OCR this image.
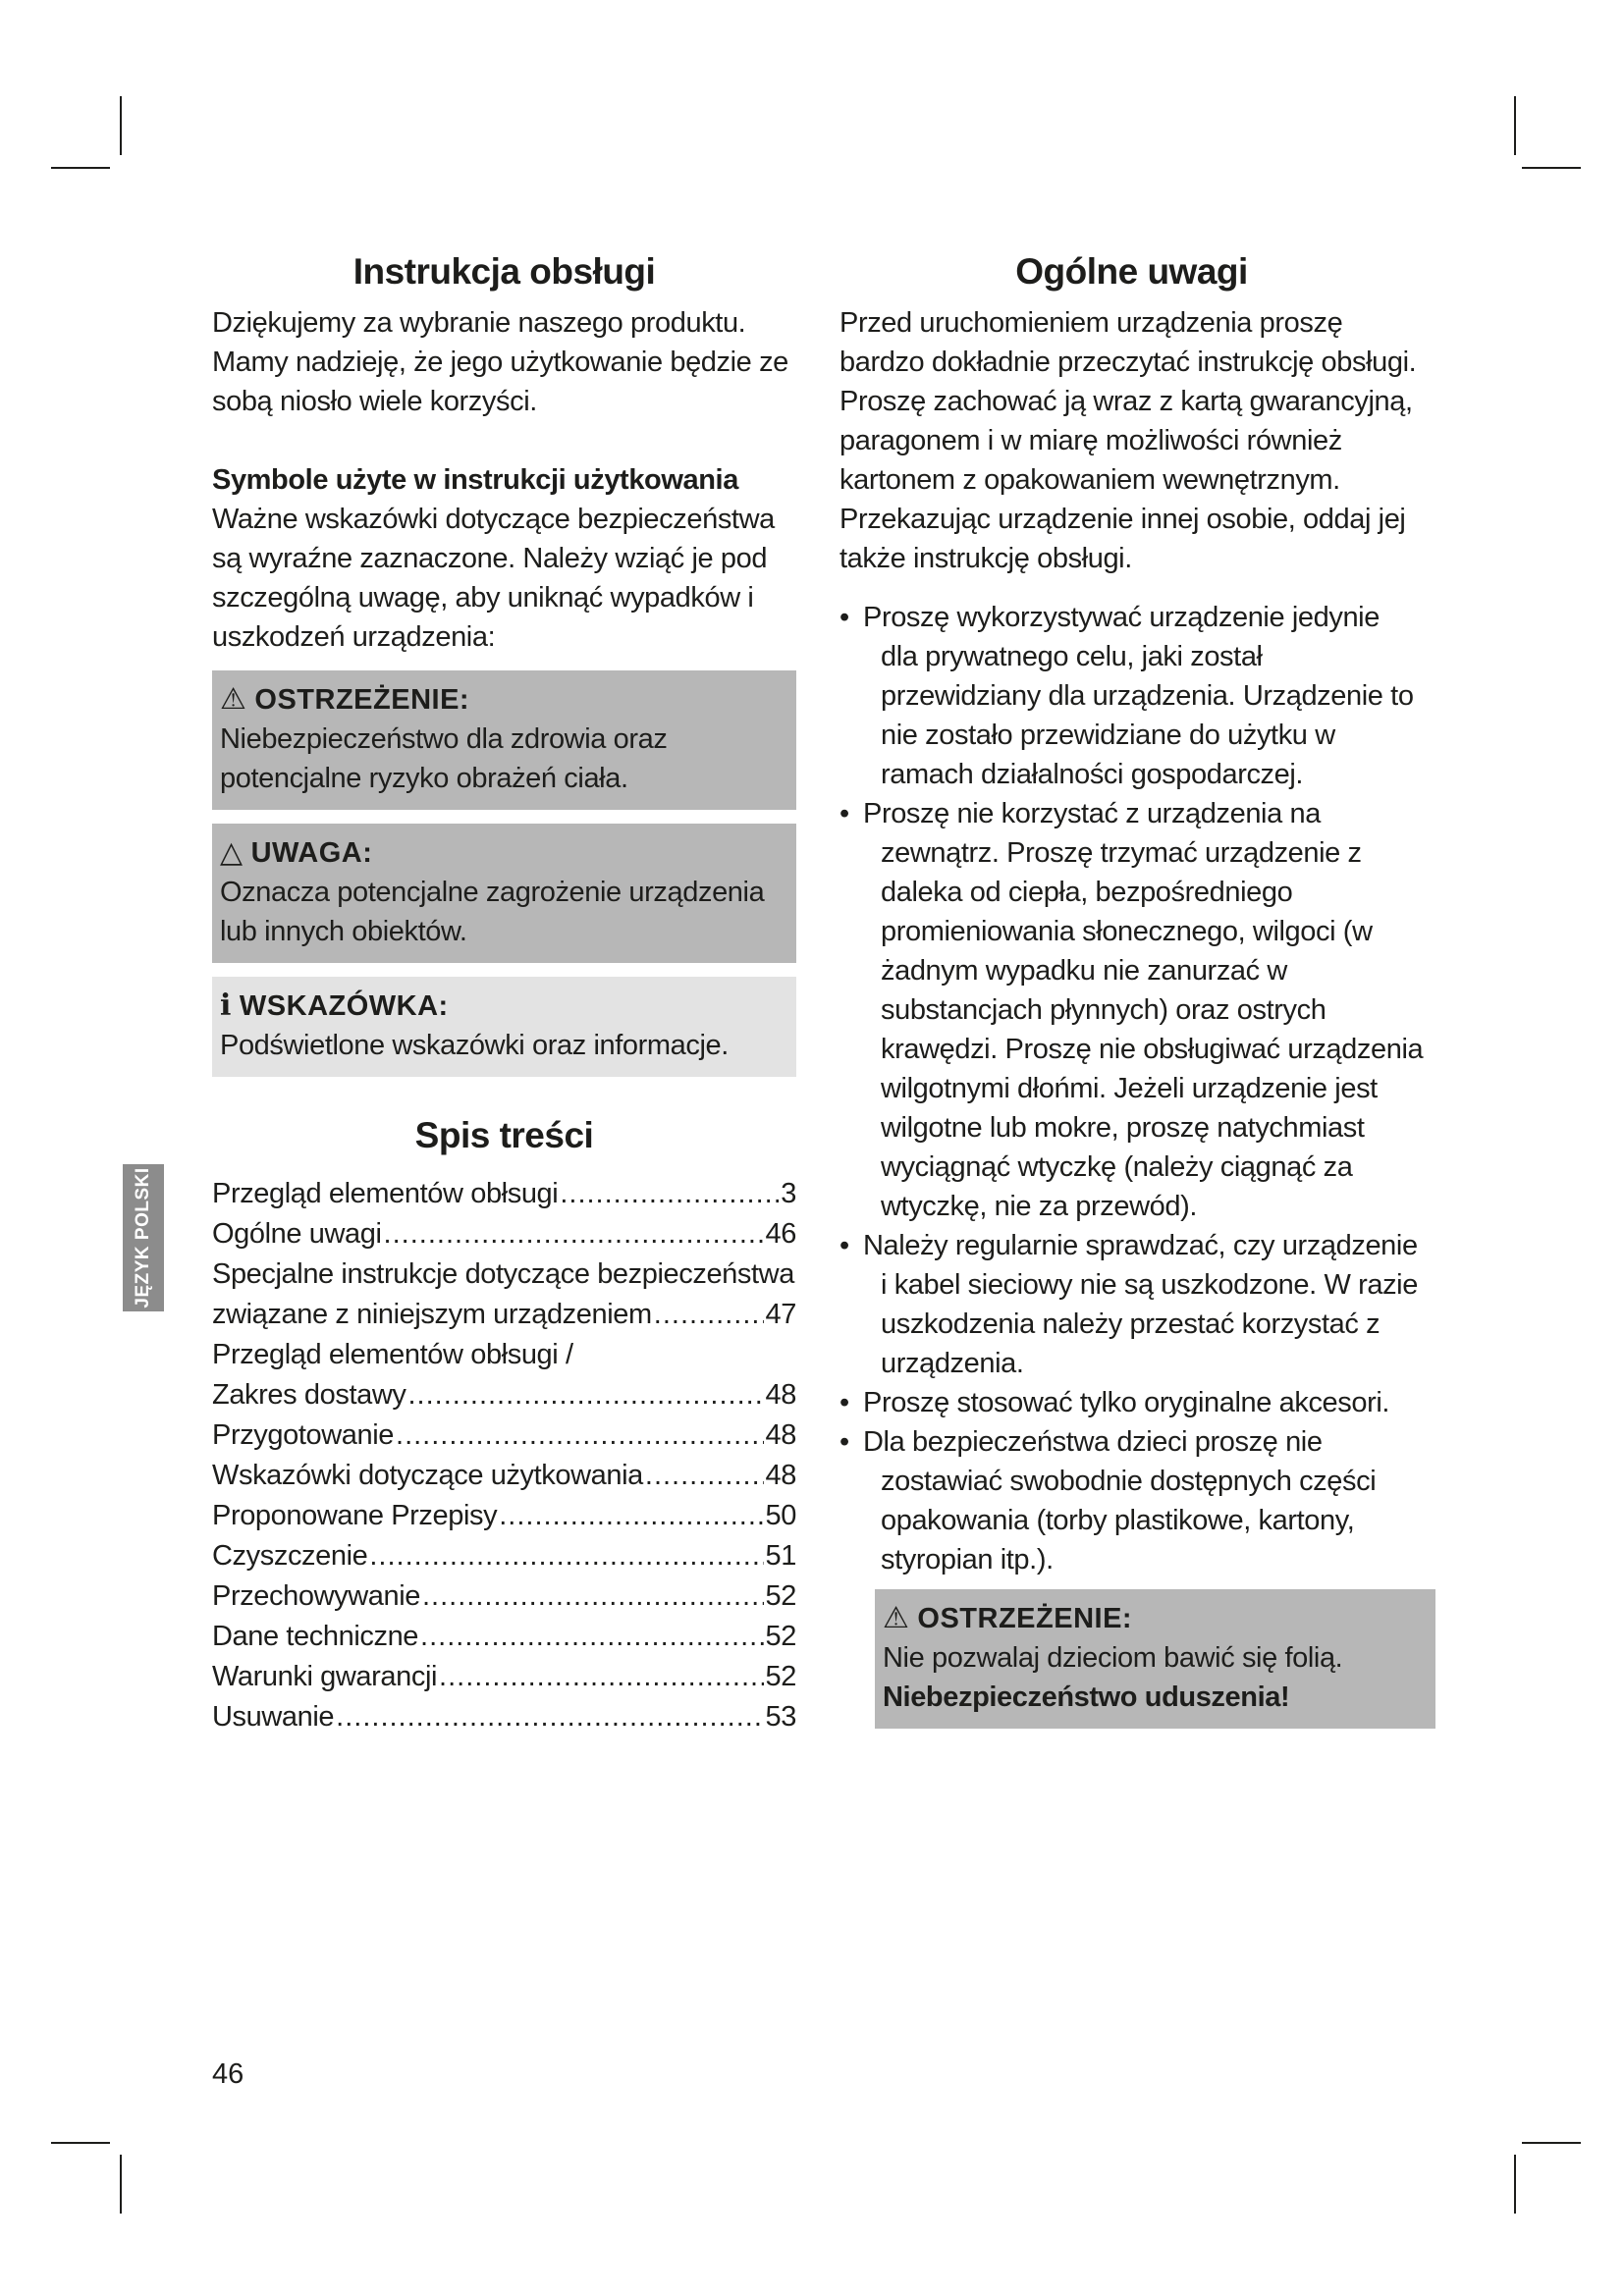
Instrukcja obsługi

Dziękujemy za wybranie naszego produktu. Mamy nadzieję, że jego użytkowanie będzie ze sobą niosło wiele korzyści.

Symbole użyte w instrukcji użytkowania

Ważne wskazówki dotyczące bezpieczeństwa są wyraźne zaznaczone. Należy wziąć je pod szczególną uwagę, aby uniknąć wypadków i uszkodzeń urządzenia:

⚠ OSTRZEŻENIE:
Niebezpieczeństwo dla zdrowia oraz potencjalne ryzyko obrażeń ciała.
△ UWAGA:
Oznacza potencjalne zagrożenie urządzenia lub innych obiektów.
i WSKAZÓWKA:
Podświetlone wskazówki oraz informacje.
Spis treści
Przegląd elementów obłsugi .....	3
Ogólne uwagi .....	46
Specjalne instrukcje dotyczące bezpieczeństwa
związane z niniejszym urządzeniem .....	47
Przegląd elementów obłsugi /
Zakres dostawy .....	48
Przygotowanie .....	48
Wskazówki dotyczące użytkowania .....	48
Proponowane Przepisy .....	50
Czyszczenie .....	51
Przechowywanie .....	52
Dane techniczne .....	52
Warunki gwarancji .....	52
Usuwanie .....	53
Ogólne uwagi

Przed uruchomieniem urządzenia proszę bardzo dokładnie przeczytać instrukcję obsługi. Proszę zachować ją wraz z kartą gwarancyjną, paragonem i w miarę możliwości również kartonem z opakowaniem wewnętrznym. Przekazując urządzenie innej osobie, oddaj jej także instrukcję obsługi.

• Proszę wykorzystywać urządzenie jedynie dla prywatnego celu, jaki został przewidziany dla urządzenia. Urządzenie to nie zostało przewidziane do użytku w ramach działalności gospodarczej.
• Proszę nie korzystać z urządzenia na zewnątrz. Proszę trzymać urządzenie z daleka od ciepła, bezpośredniego promieniowania słonecznego, wilgoci (w żadnym wypadku nie zanurzać w substancjach płynnych) oraz ostrych krawędzi. Proszę nie obsługiwać urządzenia wilgotnymi dłońmi. Jeżeli urządzenie jest wilgotne lub mokre, proszę natychmiast wyciągnąć wtyczkę (należy ciągnąć za wtyczkę, nie za przewód).
• Należy regularnie sprawdzać, czy urządzenie i kabel sieciowy nie są uszkodzone. W razie uszkodzenia należy przestać korzystać z urządzenia.
• Proszę stosować tylko oryginalne akcesori.
• Dla bezpieczeństwa dzieci proszę nie zostawiać swobodnie dostępnych części opakowania (torby plastikowe, kartony, styropian itp.).
⚠ OSTRZEŻENIE:
Nie pozwalaj dzieciom bawić się folią. Niebezpieczeństwo uduszenia!
JĘZYK POLSKI
46
